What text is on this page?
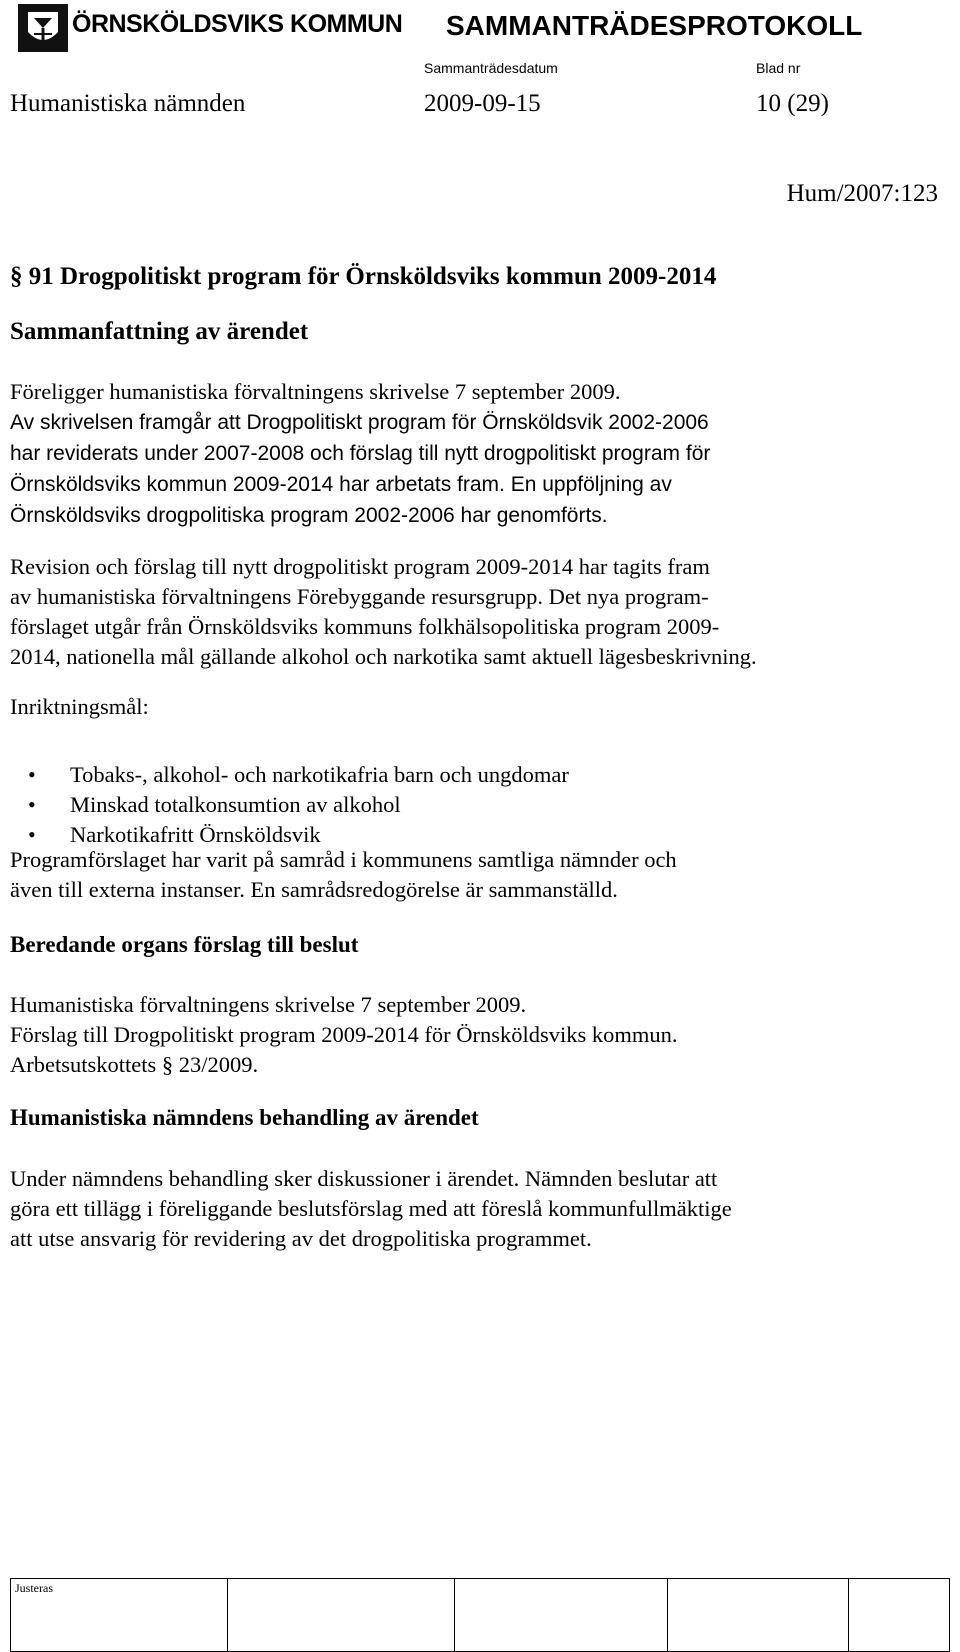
ÖRNSKÖLDSVIKS KOMMUN SAMMANTRÄDESPROTOKOLL
Sammanträdesdatum	Blad nr
Humanistiska nämnden	2009-09-15	10 (29)
Hum/2007:123
§ 91 Drogpolitiskt program för Örnsköldsviks kommun 2009-2014
Sammanfattning av ärendet
Föreligger humanistiska förvaltningens skrivelse 7 september 2009.
Av skrivelsen framgår att Drogpolitiskt program för Örnsköldsvik 2002-2006
har reviderats under 2007-2008 och förslag till nytt drogpolitiskt program för
Örnsköldsviks kommun 2009-2014 har arbetats fram. En uppföljning av
Örnsköldsviks drogpolitiska program 2002-2006 har genomförts.
Revision och förslag till nytt drogpolitiskt program 2009-2014 har tagits fram
av humanistiska förvaltningens Förebyggande resursgrupp. Det nya program-
förslaget utgår från Örnsköldsviks kommuns folkhälsopolitiska program 2009-
2014, nationella mål gällande alkohol och narkotika samt aktuell lägesbeskrivning.
Inriktningsmål:
• Tobaks-, alkohol- och narkotikafria barn och ungdomar
• Minskad totalkonsumtion av alkohol
• Narkotikafritt Örnsköldsvik
Programförslaget har varit på samråd i kommunens samtliga nämnder och
även till externa instanser. En samrådsredogörelse är sammanställd.
Beredande organs förslag till beslut
Humanistiska förvaltningens skrivelse 7 september 2009.
Förslag till Drogpolitiskt program 2009-2014 för Örnsköldsviks kommun.
Arbetsutskottets § 23/2009.
Humanistiska nämndens behandling av ärendet
Under nämndens behandling sker diskussioner i ärendet. Nämnden beslutar att
göra ett tillägg i föreliggande beslutsförslag med att föreslå kommunfullmäktige
att utse ansvarig för revidering av det drogpolitiska programmet.
Justeras
